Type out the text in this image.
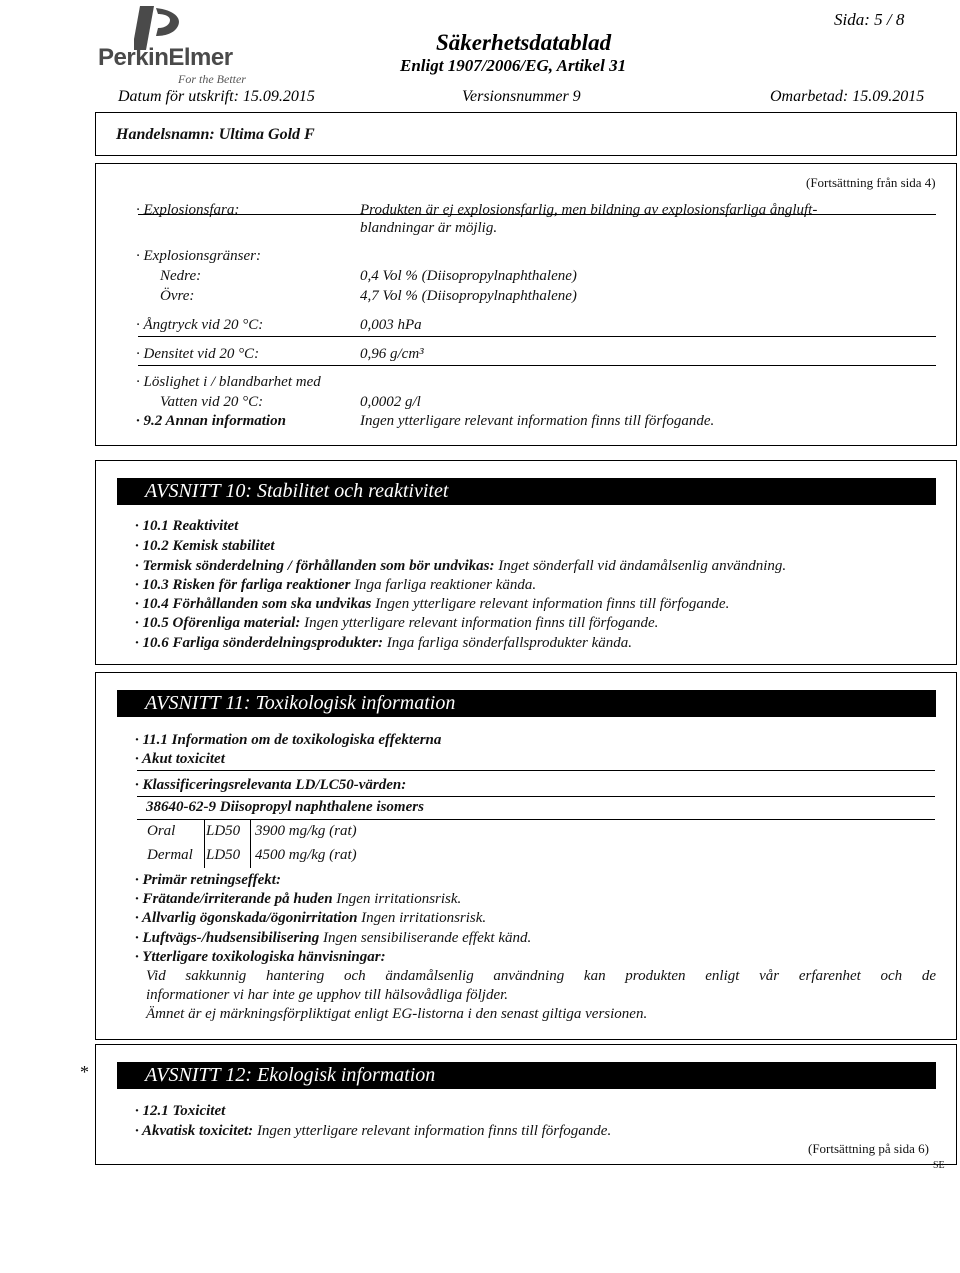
PerkinElmer
For the Better
Sida: 5 / 8
Säkerhetsdatablad
Enligt 1907/2006/EG, Artikel 31
Datum för utskrift: 15.09.2015	Versionsnummer 9	Omarbetad: 15.09.2015
Handelsnamn: Ultima Gold F
(Fortsättning från sida 4)
· Explosionsfara:	Produkten är ej explosionsfarlig, men bildning av explosionsfarliga ångluft-
blandningar är möjlig.
· Explosionsgränser:
Nedre:	0,4 Vol % (Diisopropylnaphthalene)
Övre:	4,7 Vol % (Diisopropylnaphthalene)
· Ångtryck vid 20 °C:	0,003 hPa
· Densitet vid 20 °C:	0,96 g/cm³
· Löslighet i / blandbarhet med
Vatten vid 20 °C:	0,0002 g/l
· 9.2 Annan information	Ingen ytterligare relevant information finns till förfogande.
AVSNITT 10: Stabilitet och reaktivitet
· 10.1 Reaktivitet
· 10.2 Kemisk stabilitet
· Termisk sönderdelning / förhållanden som bör undvikas: Inget sönderfall vid ändamålsenlig användning.
· 10.3 Risken för farliga reaktioner Inga farliga reaktioner kända.
· 10.4 Förhållanden som ska undvikas Ingen ytterligare relevant information finns till förfogande.
· 10.5 Oförenliga material: Ingen ytterligare relevant information finns till förfogande.
· 10.6 Farliga sönderdelningsprodukter: Inga farliga sönderfallsprodukter kända.
AVSNITT 11: Toxikologisk information
· 11.1 Information om de toxikologiska effekterna
· Akut toxicitet
· Klassificeringsrelevanta LD/LC50-värden:
38640-62-9 Diisopropyl naphthalene isomers
Oral LD50 3900 mg/kg (rat)
Dermal LD50 4500 mg/kg (rat)
· Primär retningseffekt:
· Frätande/irriterande på huden Ingen irritationsrisk.
· Allvarlig ögonskada/ögonirritation Ingen irritationsrisk.
· Luftvägs-/hudsensibilisering Ingen sensibiliserande effekt känd.
· Ytterligare toxikologiska hänvisningar:
Vid sakkunnig hantering och ändamålsenlig användning kan produkten enligt vår erfarenhet och de
informationer vi har inte ge upphov till hälsovådliga följder.
Ämnet är ej märkningsförpliktigat enligt EG-listorna i den senast giltiga versionen.
*	AVSNITT 12: Ekologisk information
· 12.1 Toxicitet
· Akvatisk toxicitet: Ingen ytterligare relevant information finns till förfogande.
(Fortsättning på sida 6)
SE
